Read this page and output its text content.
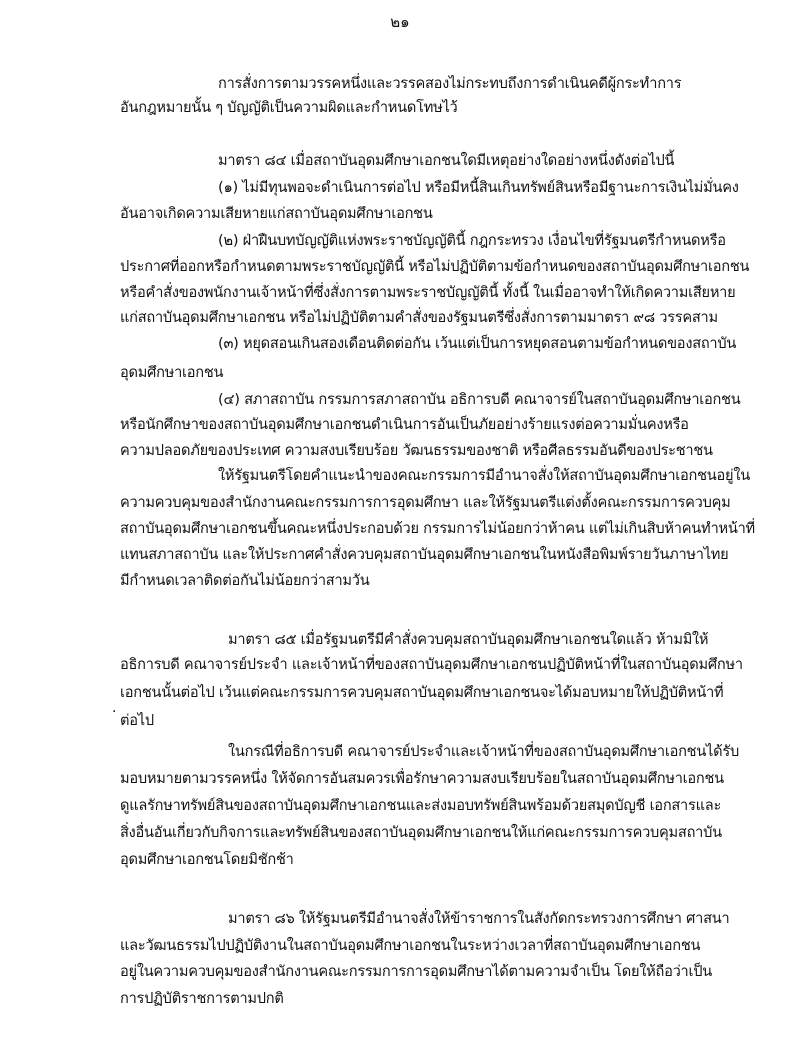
๒๑
การสั่งการตามวรรคหนึ่งและวรรคสองไม่กระทบถึงการดำเนินคดีผู้กระทำการ
อันกฎหมายนั้น ๆ บัญญัติเป็นความผิดและกำหนดโทษไว้
มาตรา ๘๔ เมื่อสถาบันอุดมศึกษาเอกชนใดมีเหตุอย่างใดอย่างหนึ่งดังต่อไปนี้
(๑) ไม่มีทุนพอจะดำเนินการต่อไป หรือมีหนี้สินเกินทรัพย์สินหรือมีฐานะการเงินไม่มั่นคง
อันอาจเกิดความเสียหายแก่สถาบันอุดมศึกษาเอกชน
(๒) ฝ่าฝืนบทบัญญัติแห่งพระราชบัญญัตินี้ กฎกระทรวง เงื่อนไขที่รัฐมนตรีกำหนดหรือ
ประกาศที่ออกหรือกำหนดตามพระราชบัญญัตินี้ หรือไม่ปฏิบัติตามข้อกำหนดของสถาบันอุดมศึกษาเอกชน
หรือคำสั่งของพนักงานเจ้าหน้าที่ซึ่งสั่งการตามพระราชบัญญัตินี้ ทั้งนี้ ในเมื่ออาจทำให้เกิดความเสียหาย
แก่สถาบันอุดมศึกษาเอกชน หรือไม่ปฏิบัติตามคำสั่งของรัฐมนตรีซึ่งสั่งการตามมาตรา ๙๘ วรรคสาม
(๓) หยุดสอนเกินสองเดือนติดต่อกัน เว้นแต่เป็นการหยุดสอนตามข้อกำหนดของสถาบัน
อุดมศึกษาเอกชน
(๔) สภาสถาบัน กรรมการสภาสถาบัน อธิการบดี คณาจารย์ในสถาบันอุดมศึกษาเอกชน
หรือนักศึกษาของสถาบันอุดมศึกษาเอกชนดำเนินการอันเป็นภัยอย่างร้ายแรงต่อความมั่นคงหรือ
ความปลอดภัยของประเทศ ความสงบเรียบร้อย วัฒนธรรมของชาติ หรือศีลธรรมอันดีของประชาชน
ให้รัฐมนตรีโดยคำแนะนำของคณะกรรมการมีอำนาจสั่งให้สถาบันอุดมศึกษาเอกชนอยู่ใน
ความควบคุมของสำนักงานคณะกรรมการการอุดมศึกษา และให้รัฐมนตรีแต่งตั้งคณะกรรมการควบคุม
สถาบันอุดมศึกษาเอกชนขึ้นคณะหนึ่งประกอบด้วย กรรมการไม่น้อยกว่าห้าคน แต่ไม่เกินสิบห้าคนทำหน้าที่
แทนสภาสถาบัน และให้ประกาศคำสั่งควบคุมสถาบันอุดมศึกษาเอกชนในหนังสือพิมพ์รายวันภาษาไทย
มีกำหนดเวลาติดต่อกันไม่น้อยกว่าสามวัน
มาตรา ๘๕ เมื่อรัฐมนตรีมีคำสั่งควบคุมสถาบันอุดมศึกษาเอกชนใดแล้ว ห้ามมิให้
อธิการบดี คณาจารย์ประจำ และเจ้าหน้าที่ของสถาบันอุดมศึกษาเอกชนปฏิบัติหน้าที่ในสถาบันอุดมศึกษา
เอกชนนั้นต่อไป เว้นแต่คณะกรรมการควบคุมสถาบันอุดมศึกษาเอกชนจะได้มอบหมายให้ปฏิบัติหน้าที่
.
ต่อไป
ในกรณีที่อธิการบดี คณาจารย์ประจำและเจ้าหน้าที่ของสถาบันอุดมศึกษาเอกชนได้รับ
มอบหมายตามวรรคหนึ่ง ให้จัดการอันสมควรเพื่อรักษาความสงบเรียบร้อยในสถาบันอุดมศึกษาเอกชน
ดูแลรักษาทรัพย์สินของสถาบันอุดมศึกษาเอกชนและส่งมอบทรัพย์สินพร้อมด้วยสมุดบัญชี เอกสารและ
สิ่งอื่นอันเกี่ยวกับกิจการและทรัพย์สินของสถาบันอุดมศึกษาเอกชนให้แก่คณะกรรมการควบคุมสถาบัน
อุดมศึกษาเอกชนโดยมิชักช้า
มาตรา ๘๖ ให้รัฐมนตรีมีอำนาจสั่งให้ข้าราชการในสังกัดกระทรวงการศึกษา ศาสนา
และวัฒนธรรมไปปฏิบัติงานในสถาบันอุดมศึกษาเอกชนในระหว่างเวลาที่สถาบันอุดมศึกษาเอกชน
อยู่ในความควบคุมของสำนักงานคณะกรรมการการอุดมศึกษาได้ตามความจำเป็น โดยให้ถือว่าเป็น
การปฏิบัติราชการตามปกติ
